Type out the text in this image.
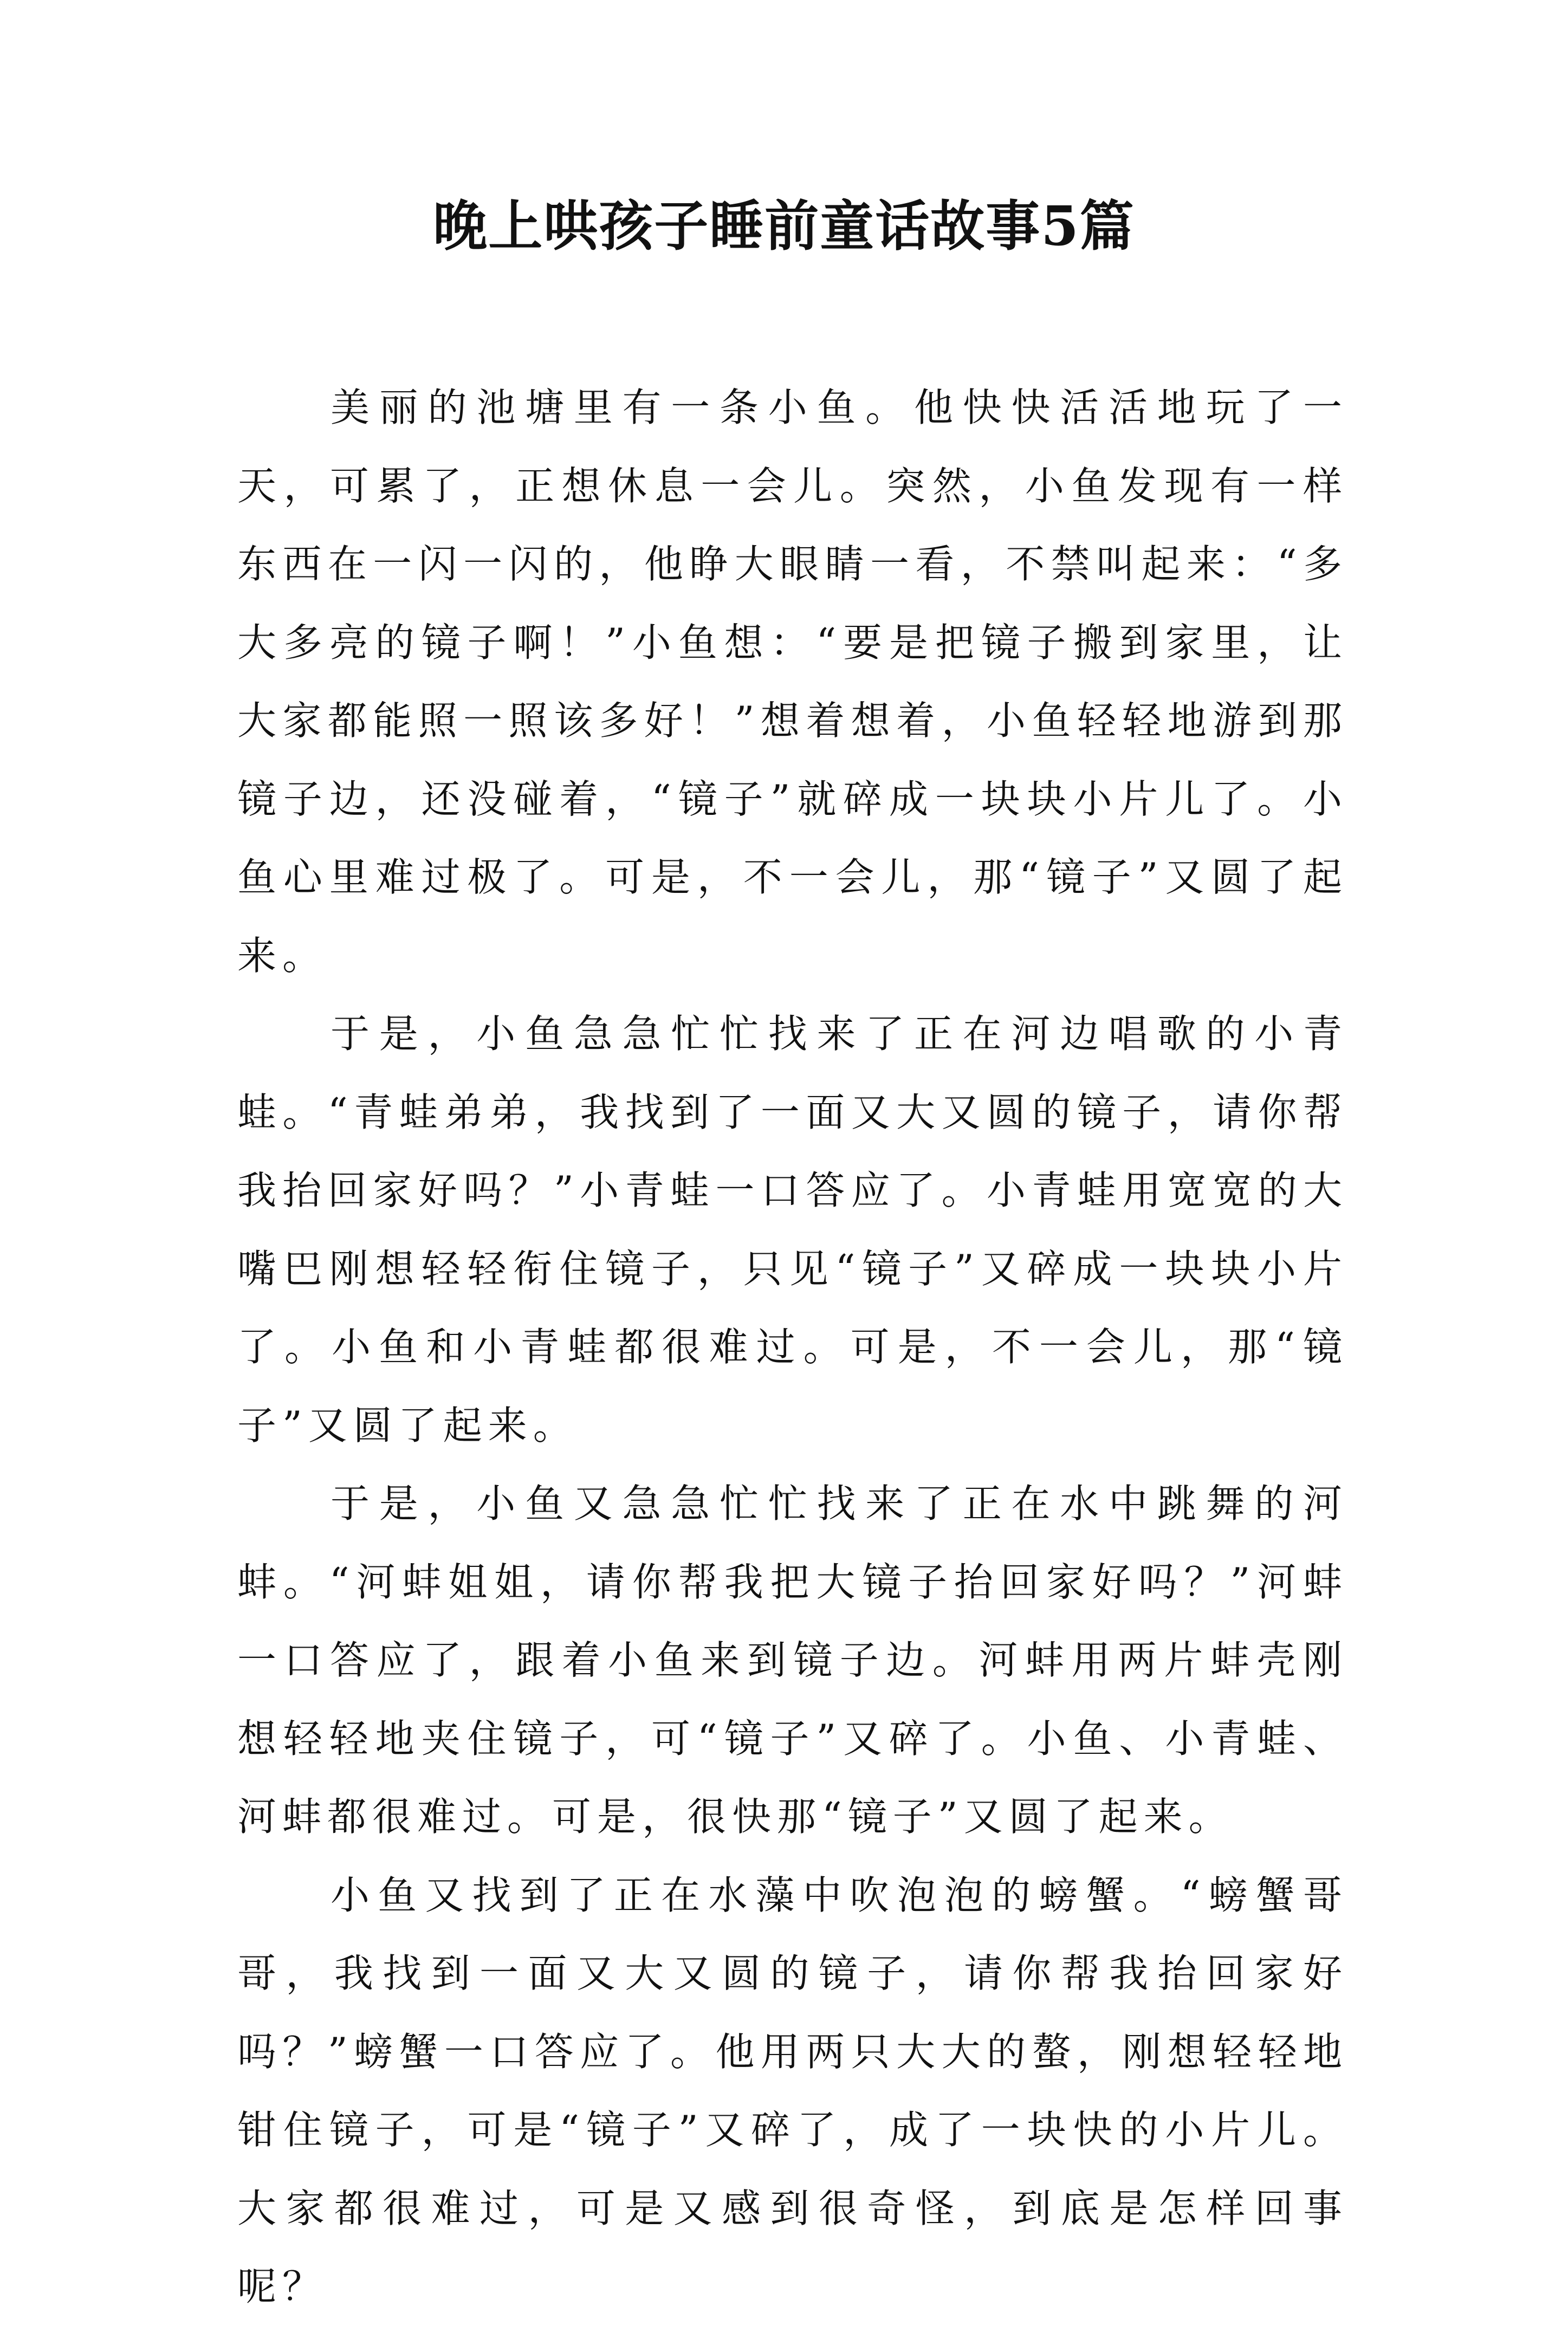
晚上哄孩子睡前童话故事5篇

美丽的池塘里有一条小鱼。他快快活活地玩了一天，可累了，正想休息一会儿。突然，小鱼发现有一样东西在一闪一闪的，他睁大眼睛一看，不禁叫起来：“多大多亮的镜子啊！”小鱼想：“要是把镜子搬到家里，让大家都能照一照该多好！”想着想着，小鱼轻轻地游到那镜子边，还没碰着，“镜子”就碎成一块块小片儿了。小鱼心里难过极了。可是，不一会儿，那“镜子”又圆了起来。

于是，小鱼急急忙忙找来了正在河边唱歌的小青蛙。“青蛙弟弟，我找到了一面又大又圆的镜子，请你帮我抬回家好吗？”小青蛙一口答应了。小青蛙用宽宽的大嘴巴刚想轻轻衔住镜子，只见“镜子”又碎成一块块小片了。小鱼和小青蛙都很难过。可是，不一会儿，那“镜子”又圆了起来。

于是，小鱼又急急忙忙找来了正在水中跳舞的河蚌。“河蚌姐姐，请你帮我把大镜子抬回家好吗？”河蚌一口答应了，跟着小鱼来到镜子边。河蚌用两片蚌壳刚想轻轻地夹住镜子，可“镜子”又碎了。小鱼、小青蛙、河蚌都很难过。可是，很快那“镜子”又圆了起来。

小鱼又找到了正在水藻中吹泡泡的螃蟹。“螃蟹哥哥，我找到一面又大又圆的镜子，请你帮我抬回家好吗？”螃蟹一口答应了。他用两只大大的螯，刚想轻轻地钳住镜子，可是“镜子”又碎了，成了一块快的小片儿。大家都很难过，可是又感到很奇怪，到底是怎样回事呢？
